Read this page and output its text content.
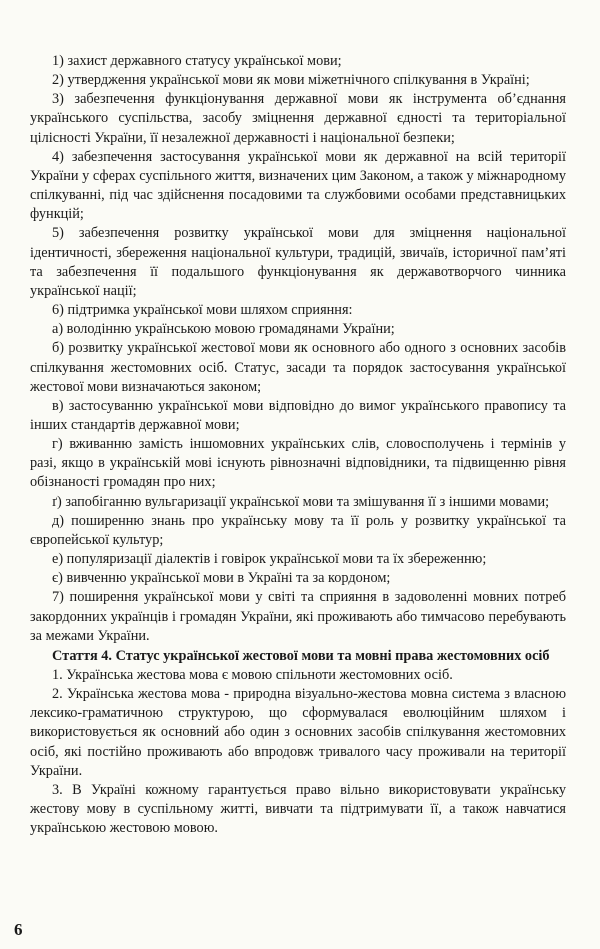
1) захист державного статусу української мови;

2) утвердження української мови як мови міжетнічного спілкування в Україні;

3) забезпечення функціонування державної мови як інструмента об’єднання українського суспільства, засобу зміцнення державної єдності та територіальної цілісності України, її незалежної державності і національної безпеки;

4) забезпечення застосування української мови як державної на всій території України у сферах суспільного життя, визначених цим Законом, а також у міжнародному спілкуванні, під час здійснення посадовими та службовими особами представницьких функцій;

5) забезпечення розвитку української мови для зміцнення національної ідентичності, збереження національної культури, традицій, звичаїв, історичної пам’яті та забезпечення її подальшого функціонування як державотворчого чинника української нації;

6) підтримка української мови шляхом сприяння:

а) володінню українською мовою громадянами України;

б) розвитку української жестової мови як основного або одного з основних засобів спілкування жестомовних осіб. Статус, засади та порядок застосування української жестової мови визначаються законом;

в) застосуванню української мови відповідно до вимог українського правопису та інших стандартів державної мови;

г) вживанню замість іншомовних українських слів, словосполучень і термінів у разі, якщо в українській мові існують рівнозначні відповідники, та підвищенню рівня обізнаності громадян про них;

ґ) запобіганню вульгаризації української мови та змішування її з іншими мовами;

д) поширенню знань про українську мову та її роль у розвитку української та європейської культур;

е) популяризації діалектів і говірок української мови та їх збереженню;

є) вивченню української мови в Україні та за кордоном;

7) поширення української мови у світі та сприяння в задоволенні мовних потреб закордонних українців і громадян України, які проживають або тимчасово перебувають за межами України.

Стаття 4. Статус української жестової мови та мовні права жестомовних осіб

1. Українська жестова мова є мовою спільноти жестомовних осіб.

2. Українська жестова мова - природна візуально-жестова мовна система з власною лексико-граматичною структурою, що сформувалася еволюційним шляхом і використовується як основний або один з основних засобів спілкування жестомовних осіб, які постійно проживають або впродовж тривалого часу проживали на території України.

3. В Україні кожному гарантується право вільно використовувати українську жестову мову в суспільному житті, вивчати та підтримувати її, а також навчатися українською жестовою мовою.

6
